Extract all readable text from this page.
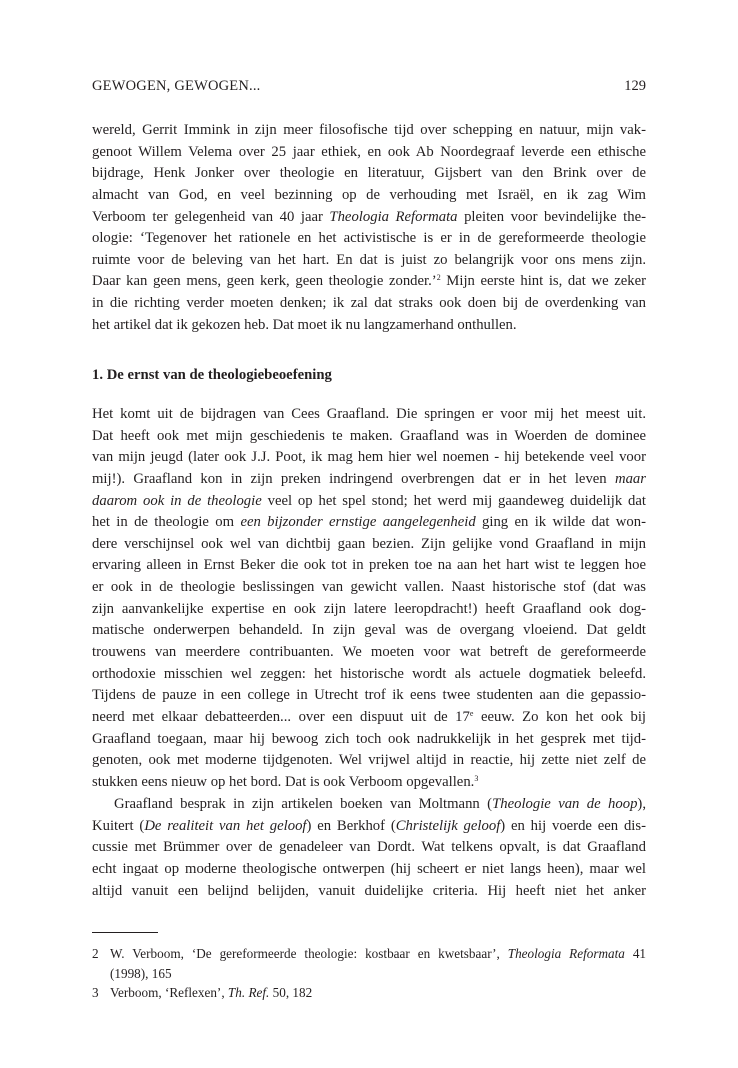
GEWOGEN, GEWOGEN...	129
wereld, Gerrit Immink in zijn meer filosofische tijd over schepping en natuur, mijn vak-
genoot Willem Velema over 25 jaar ethiek, en ook Ab Noordegraaf leverde een ethische
bijdrage, Henk Jonker over theologie en literatuur, Gijsbert van den Brink over de
almacht van God, en veel bezinning op de verhouding met Israël, en ik zag Wim
Verboom ter gelegenheid van 40 jaar Theologia Reformata pleiten voor bevindelijke the-
ologie: ‘Tegenover het rationele en het activistische is er in de gereformeerde theologie
ruimte voor de beleving van het hart. En dat is juist zo belangrijk voor ons mens zijn.
Daar kan geen mens, geen kerk, geen theologie zonder.’$^2$ Mijn eerste hint is, dat we zeker
in die richting verder moeten denken; ik zal dat straks ook doen bij de overdenking van
het artikel dat ik gekozen heb. Dat moet ik nu langzamerhand onthullen.
1. De ernst van de theologiebeoefening
Het komt uit de bijdragen van Cees Graafland. Die springen er voor mij het meest uit.
Dat heeft ook met mijn geschiedenis te maken. Graafland was in Woerden de dominee
van mijn jeugd (later ook J.J. Poot, ik mag hem hier wel noemen - hij betekende veel voor
mij!). Graafland kon in zijn preken indringend overbrengen dat er in het leven maar
daarom ook in de theologie veel op het spel stond; het werd mij gaandeweg duidelijk dat
het in de theologie om een bijzonder ernstige aangelegenheid ging en ik wilde dat won-
dere verschijnsel ook wel van dichtbij gaan bezien. Zijn gelijke vond Graafland in mijn
ervaring alleen in Ernst Beker die ook tot in preken toe na aan het hart wist te leggen hoe
er ook in de theologie beslissingen van gewicht vallen. Naast historische stof (dat was
zijn aanvankelijke expertise en ook zijn latere leeropdracht!) heeft Graafland ook dog-
matische onderwerpen behandeld. In zijn geval was de overgang vloeiend. Dat geldt
trouwens van meerdere contribuanten. We moeten voor wat betreft de gereformeerde
orthodoxie misschien wel zeggen: het historische wordt als actuele dogmatiek beleefd.
Tijdens de pauze in een college in Utrecht trof ik eens twee studenten aan die gepassio-
neerd met elkaar debatteerden... over een dispuut uit de 17e eeuw. Zo kon het ook bij
Graafland toegaan, maar hij bewoog zich toch ook nadrukkelijk in het gesprek met tijd-
genoten, ook met moderne tijdgenoten. Wel vrijwel altijd in reactie, hij zette niet zelf de
stukken eens nieuw op het bord. Dat is ook Verboom opgevallen.$^3$
Graafland besprak in zijn artikelen boeken van Moltmann (Theologie van de hoop),
Kuitert (De realiteit van het geloof) en Berkhof (Christelijk geloof) en hij voerde een dis-
cussie met Brümmer over de genadeleer van Dordt. Wat telkens opvalt, is dat Graafland
echt ingaat op moderne theologische ontwerpen (hij scheert er niet langs heen), maar wel
altijd vanuit een belijnd belijden, vanuit duidelijke criteria. Hij heeft niet het anker
2 W. Verboom, ‘De gereformeerde theologie: kostbaar en kwetsbaar’, Theologia Reformata 41
(1998), 165
3 Verboom, ‘Reflexen’, Th. Ref. 50, 182
